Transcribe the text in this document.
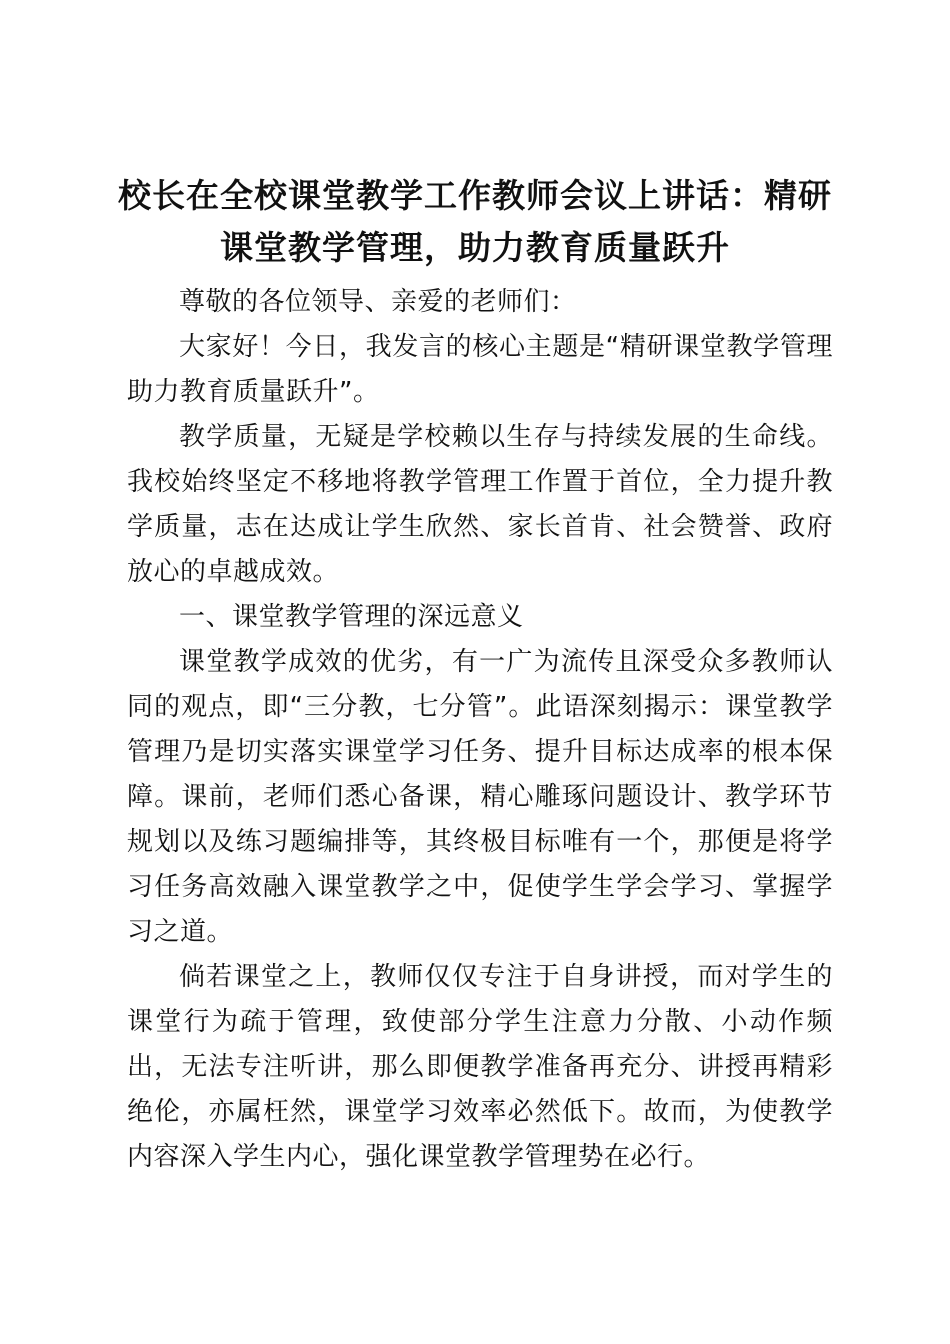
校长在全校课堂教学工作教师会议上讲话：精研课堂教学管理，助力教育质量跃升

尊敬的各位领导、亲爱的老师们：

大家好！今日，我发言的核心主题是“精研课堂教学管理助力教育质量跃升”。

教学质量，无疑是学校赖以生存与持续发展的生命线。我校始终坚定不移地将教学管理工作置于首位，全力提升教学质量，志在达成让学生欣然、家长首肯、社会赞誉、政府放心的卓越成效。

一、课堂教学管理的深远意义

课堂教学成效的优劣，有一广为流传且深受众多教师认同的观点，即“三分教，七分管”。此语深刻揭示：课堂教学管理乃是切实落实课堂学习任务、提升目标达成率的根本保障。课前，老师们悉心备课，精心雕琢问题设计、教学环节规划以及练习题编排等，其终极目标唯有一个，那便是将学习任务高效融入课堂教学之中，促使学生学会学习、掌握学习之道。

倘若课堂之上，教师仅仅专注于自身讲授，而对学生的课堂行为疏于管理，致使部分学生注意力分散、小动作频出，无法专注听讲，那么即便教学准备再充分、讲授再精彩绝伦，亦属枉然，课堂学习效率必然低下。故而，为使教学内容深入学生内心，强化课堂教学管理势在必行。
